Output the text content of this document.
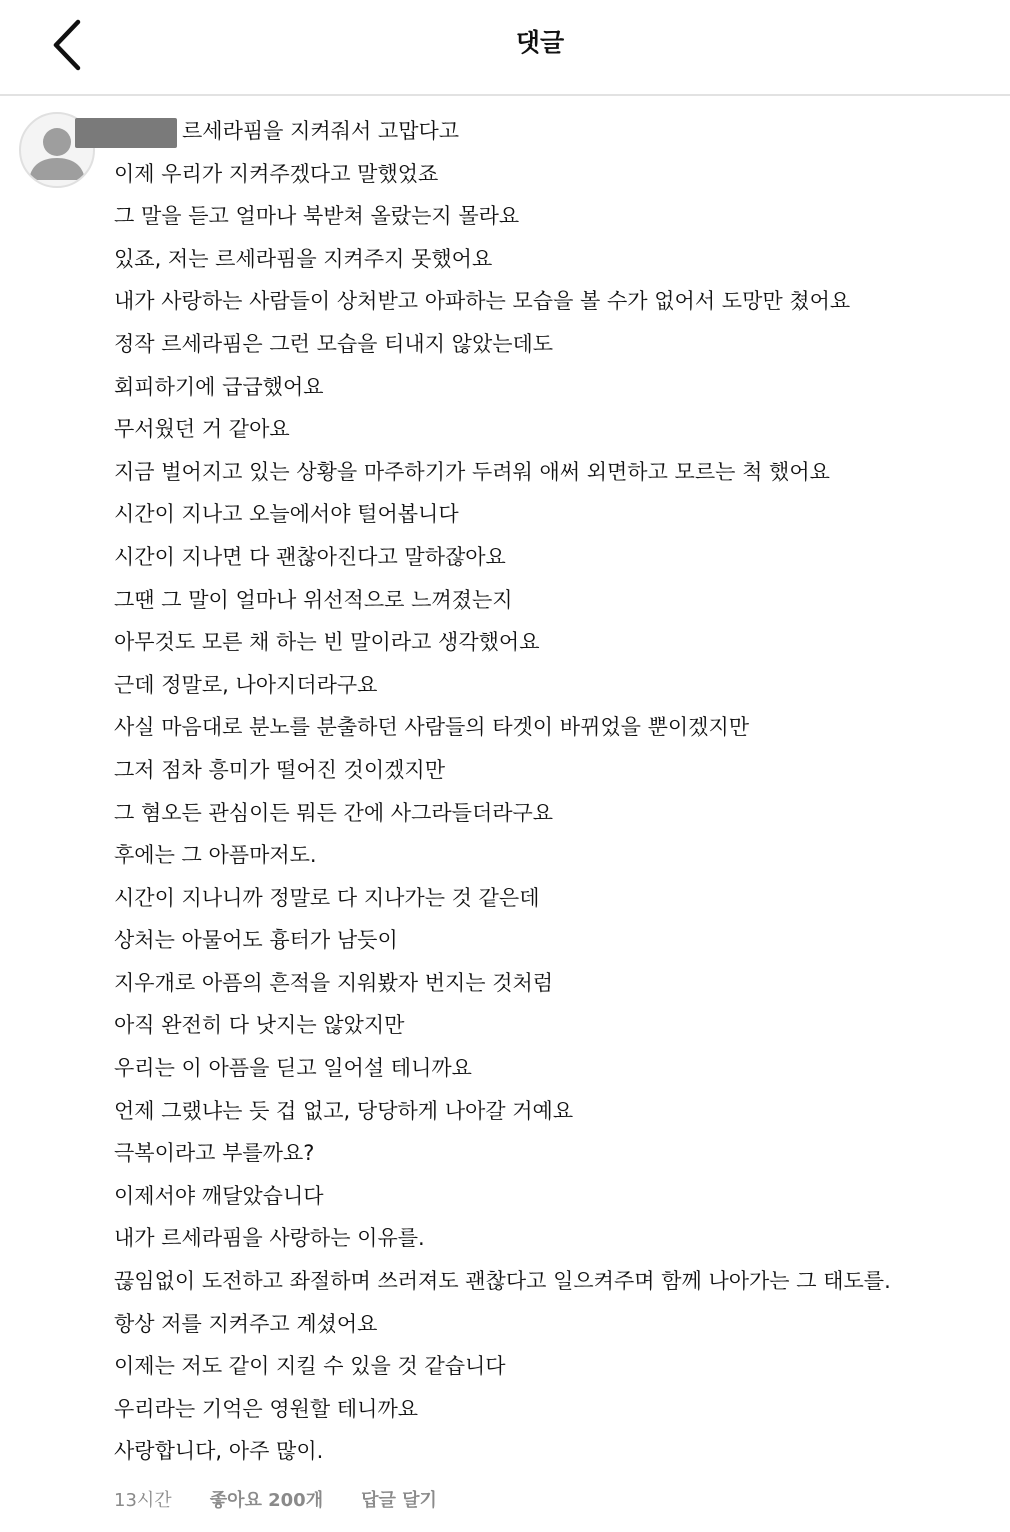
댓글
르세라핌을 지켜줘서 고맙다고
이제 우리가 지켜주겠다고 말했었죠
그 말을 듣고 얼마나 북받쳐 올랐는지 몰라요
있죠, 저는 르세라핌을 지켜주지 못했어요
내가 사랑하는 사람들이 상처받고 아파하는 모습을 볼 수가 없어서 도망만 쳤어요
정작 르세라핌은 그런 모습을 티내지 않았는데도
회피하기에 급급했어요
무서웠던 거 같아요
지금 벌어지고 있는 상황을 마주하기가 두려워 애써 외면하고 모르는 척 했어요
시간이 지나고 오늘에서야 털어봅니다
시간이 지나면 다 괜찮아진다고 말하잖아요
그땐 그 말이 얼마나 위선적으로 느껴졌는지
아무것도 모른 채 하는 빈 말이라고 생각했어요
근데 정말로, 나아지더라구요
사실 마음대로 분노를 분출하던 사람들의 타겟이 바뀌었을 뿐이겠지만
그저 점차 흥미가 떨어진 것이겠지만
그 혐오든 관심이든 뭐든 간에 사그라들더라구요
후에는 그 아픔마저도.
시간이 지나니까 정말로 다 지나가는 것 같은데
상처는 아물어도 흉터가 남듯이
지우개로 아픔의 흔적을 지워봤자 번지는 것처럼
아직 완전히 다 낫지는 않았지만
우리는 이 아픔을 딛고 일어설 테니까요
언제 그랬냐는 듯 겁 없고, 당당하게 나아갈 거예요
극복이라고 부를까요?
이제서야 깨달았습니다
내가 르세라핌을 사랑하는 이유를.
끊임없이 도전하고 좌절하며 쓰러져도 괜찮다고 일으켜주며 함께 나아가는 그 태도를.
항상 저를 지켜주고 계셨어요
이제는 저도 같이 지킬 수 있을 것 같습니다
우리라는 기억은 영원할 테니까요
사랑합니다, 아주 많이.
13시간 좋아요 200개 답글 달기
